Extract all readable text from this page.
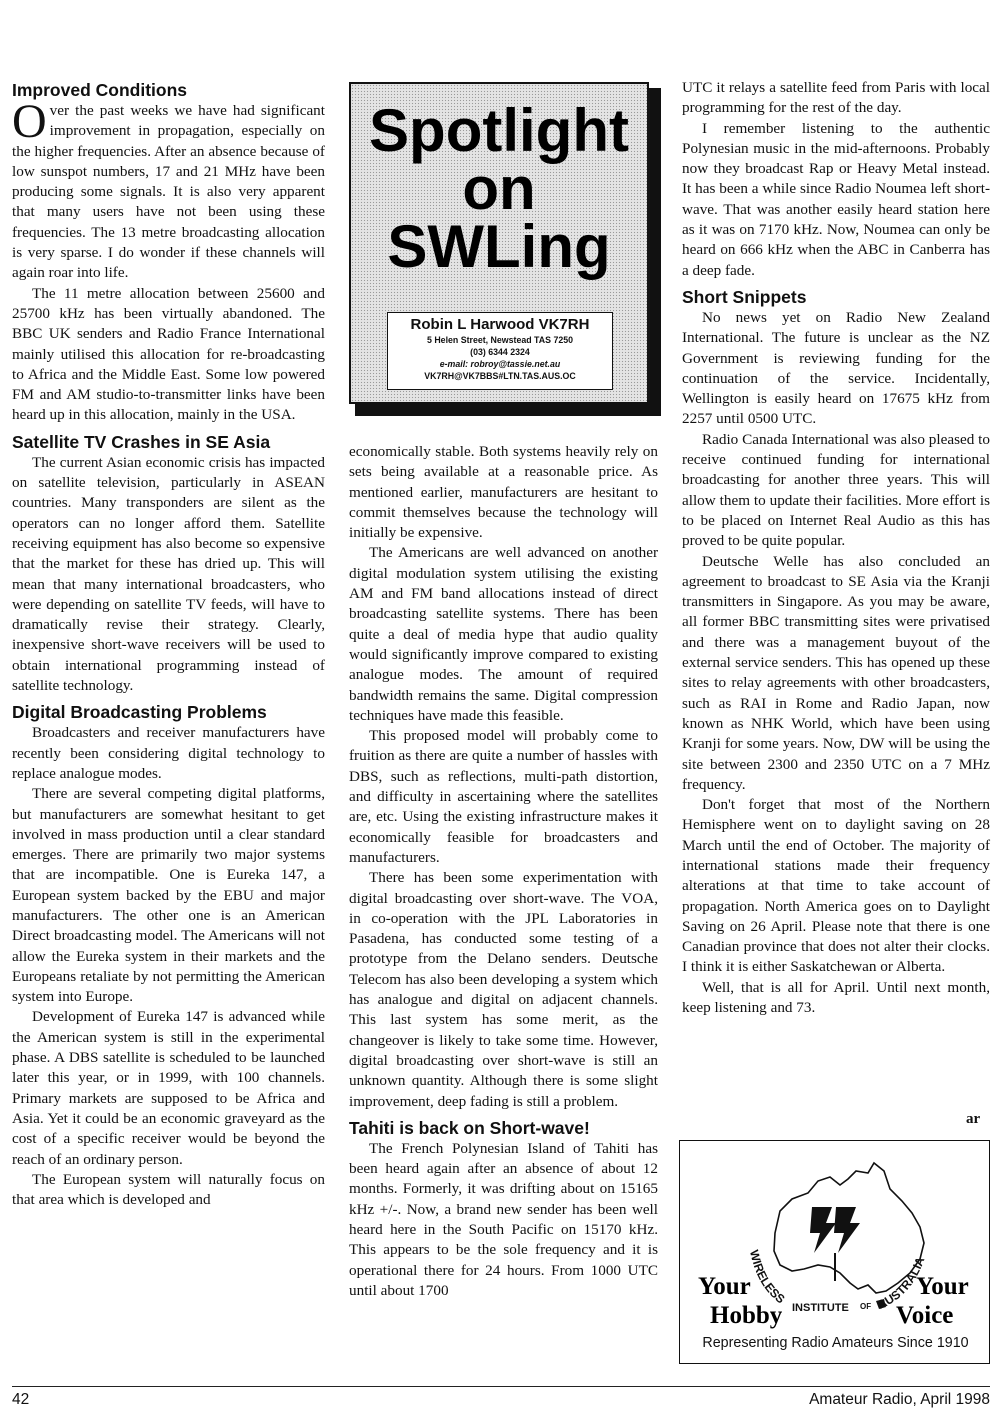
Improved Conditions

Over the past weeks we have had significant improvement in propagation, especially on the higher frequencies. After an absence because of low sunspot numbers, 17 and 21 MHz have been producing some signals. It is also very apparent that many users have not been using these frequencies. The 13 metre broadcasting allocation is very sparse. I do wonder if these channels will again roar into life.

The 11 metre allocation between 25600 and 25700 kHz has been virtually abandoned. The BBC UK senders and Radio France International mainly utilised this allocation for re-broadcasting to Africa and the Middle East. Some low powered FM and AM studio-to-transmitter links have been heard up in this allocation, mainly in the USA.

Satellite TV Crashes in SE Asia

The current Asian economic crisis has impacted on satellite television, particularly in ASEAN countries. Many transponders are silent as the operators can no longer afford them. Satellite receiving equipment has also become so expensive that the market for these has dried up. This will mean that many international broadcasters, who were depending on satellite TV feeds, will have to dramatically revise their strategy. Clearly, inexpensive short-wave receivers will be used to obtain international programming instead of satellite technology.

Digital Broadcasting Problems

Broadcasters and receiver manufacturers have recently been considering digital technology to replace analogue modes.

There are several competing digital platforms, but manufacturers are somewhat hesitant to get involved in mass production until a clear standard emerges. There are primarily two major systems that are incompatible. One is Eureka 147, a European system backed by the EBU and major manufacturers. The other one is an American Direct broadcasting model. The Americans will not allow the Eureka system in their markets and the Europeans retaliate by not permitting the American system into Europe.

Development of Eureka 147 is advanced while the American system is still in the experimental phase. A DBS satellite is scheduled to be launched later this year, or in 1999, with 100 channels. Primary markets are supposed to be Africa and Asia. Yet it could be an economic graveyard as the cost of a specific receiver would be beyond the reach of an ordinary person.

The European system will naturally focus on that area which is developed and

Spotlight
on
SWLing
Robin L Harwood VK7RH
5 Helen Street, Newstead TAS 7250
(03) 6344 2324
e-mail: robroy@tassie.net.au
VK7RH@VK7BBS#LTN.TAS.AUS.OC

economically stable. Both systems heavily rely on sets being available at a reasonable price. As mentioned earlier, manufacturers are hesitant to commit themselves because the technology will initially be expensive.

The Americans are well advanced on another digital modulation system utilising the existing AM and FM band allocations instead of direct broadcasting satellite systems. There has been quite a deal of media hype that audio quality would significantly improve compared to existing analogue modes. The amount of required bandwidth remains the same. Digital compression techniques have made this feasible.

This proposed model will probably come to fruition as there are quite a number of hassles with DBS, such as reflections, multi-path distortion, and difficulty in ascertaining where the satellites are, etc. Using the existing infrastructure makes it economically feasible for broadcasters and manufacturers.

There has been some experimentation with digital broadcasting over short-wave. The VOA, in co-operation with the JPL Laboratories in Pasadena, has conducted some testing of a prototype from the Delano senders. Deutsche Telecom has also been developing a system which has analogue and digital on adjacent channels. This last system has some merit, as the changeover is likely to take some time. However, digital broadcasting over short-wave is still an unknown quantity. Although there is some slight improvement, deep fading is still a problem.

Tahiti is back on Short-wave!

The French Polynesian Island of Tahiti has been heard again after an absence of about 12 months. Formerly, it was drifting about on 15165 kHz +/-. Now, a brand new sender has been well heard here in the South Pacific on 15170 kHz. This appears to be the sole frequency and it is operational there for 24 hours. From 1000 UTC until about 1700

UTC it relays a satellite feed from Paris with local programming for the rest of the day.

I remember listening to the authentic Polynesian music in the mid-afternoons. Probably now they broadcast Rap or Heavy Metal instead. It has been a while since Radio Noumea left short-wave. That was another easily heard station here as it was on 7170 kHz. Now, Noumea can only be heard on 666 kHz when the ABC in Canberra has a deep fade.

Short Snippets

No news yet on Radio New Zealand International. The future is unclear as the NZ Government is reviewing funding for the continuation of the service. Incidentally, Wellington is easily heard on 17675 kHz from 2257 until 0500 UTC.

Radio Canada International was also pleased to receive continued funding for international broadcasting for another three years. This will allow them to update their facilities. More effort is to be placed on Internet Real Audio as this has proved to be quite popular.

Deutsche Welle has also concluded an agreement to broadcast to SE Asia via the Kranji transmitters in Singapore. As you may be aware, all former BBC transmitting sites were privatised and there was a management buyout of the external service senders. This has opened up these sites to relay agreements with other broadcasters, such as RAI in Rome and Radio Japan, now known as NHK World, which have been using Kranji for some years. Now, DW will be using the site between 2300 and 2350 UTC on a 7 MHz frequency.

Don't forget that most of the Northern Hemisphere went on to daylight saving on 28 March until the end of October. The majority of international stations made their frequency alterations at that time to take account of propagation. North America goes on to Daylight Saving on 26 April. Please note that there is one Canadian province that does not alter their clocks. I think it is either Saskatchewan or Alberta.

Well, that is all for April. Until next month, keep listening and 73.

ar
WIRELESS	AUSTRALIA
INSTITUTE OF
Your
Hobby
Your
Voice
Representing Radio Amateurs Since 1910
42	Amateur Radio, April 1998
